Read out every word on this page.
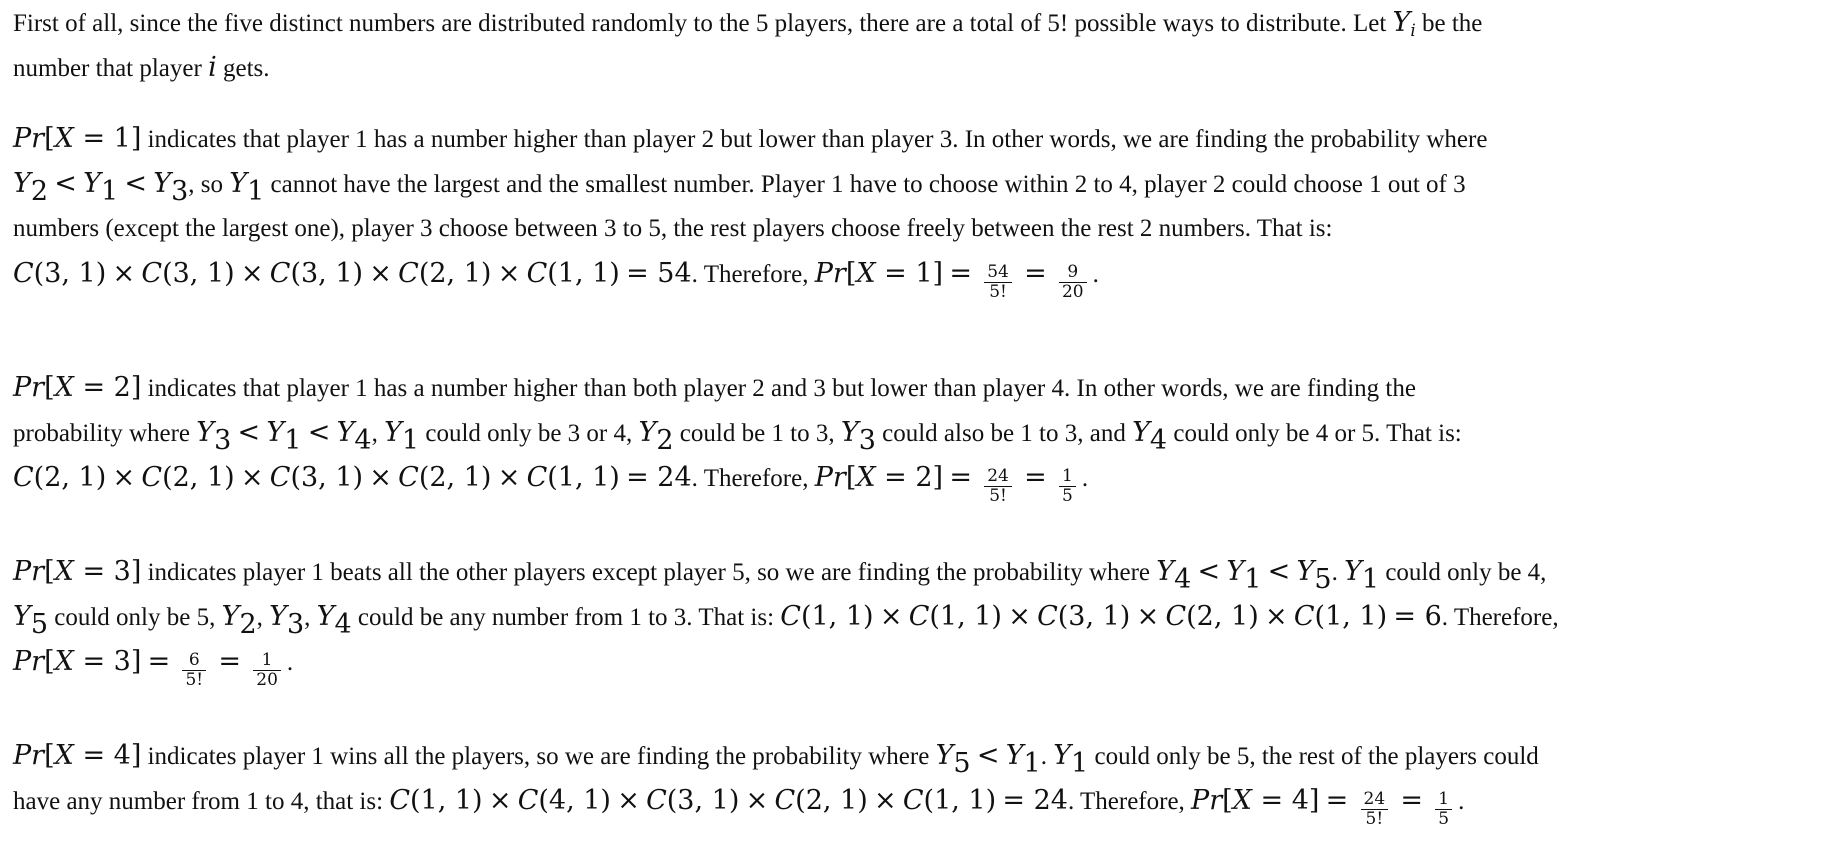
First of all, since the five distinct numbers are distributed randomly to the 5 players, there are a total of 5! possible ways to distribute. Let $Y_i$ be the
number that player i gets.
Pr[X = 1] indicates that player 1 has a number higher than player 2 but lower than player 3. In other words, we are finding the probability where
$Y_2 < Y_1 < Y_3$, so $Y_1$ cannot have the largest and the smallest number. Player 1 have to choose within 2 to 4, player 2 could choose 1 out of 3
numbers (except the largest one), player 3 choose between 3 to 5, the rest players choose freely between the rest 2 numbers. That is:
C(3, 1) × C(3, 1) × C(3, 1) × C(2, 1) × C(1, 1) = 54. Therefore, $Pr[X = 1] = \frac{54}{5!} = \frac{9}{20}$ .
Pr[X = 2] indicates that player 1 has a number higher than both player 2 and 3 but lower than player 4. In other words, we are finding the
probability where $Y_3 < Y_1 < Y_4$, $Y_1$ could only be 3 or 4, $Y_2$ could be 1 to 3, $Y_3$ could also be 1 to 3, and $Y_4$ could only be 4 or 5. That is:
C(2, 1) × C(2, 1) × C(3, 1) × C(2, 1) × C(1, 1) = 24. Therefore, $Pr[X = 2] = \frac{24}{5!} = \frac{1}{5}$ .
Pr[X = 3] indicates player 1 beats all the other players except player 5, so we are finding the probability where $Y_4 < Y_1 < Y_5$. $Y_1$ could only be 4,
$Y_5$ could only be 5, $Y_2$, $Y_3$, $Y_4$ could be any number from 1 to 3. That is: C(1, 1) × C(1, 1) × C(3, 1) × C(2, 1) × C(1, 1) = 6. Therefore,
$Pr[X = 3] = \frac{6}{5!} = \frac{1}{20}$ .
Pr[X = 4] indicates player 1 wins all the players, so we are finding the probability where $Y_5 < Y_1$. $Y_1$ could only be 5, the rest of the players could
have any number from 1 to 4, that is: C(1, 1) × C(4, 1) × C(3, 1) × C(2, 1) × C(1, 1) = 24. Therefore, $Pr[X = 4] = \frac{24}{5!} = \frac{1}{5}$ .
